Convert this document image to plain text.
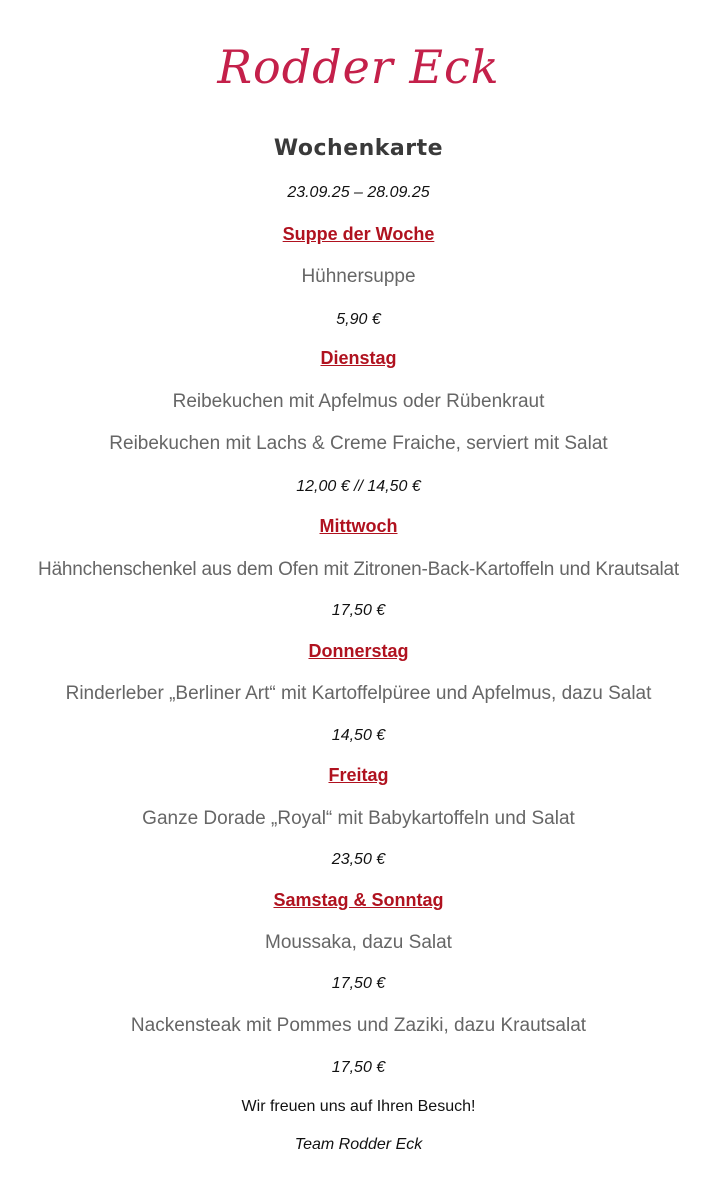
Rodder Eck
Wochenkarte
23.09.25 – 28.09.25
Suppe der Woche
Hühnersuppe
5,90 €
Dienstag
Reibekuchen mit Apfelmus oder Rübenkraut
Reibekuchen mit Lachs & Creme Fraiche, serviert mit Salat
12,00 € // 14,50 €
Mittwoch
Hähnchenschenkel aus dem Ofen mit Zitronen-Back-Kartoffeln und Krautsalat
17,50 €
Donnerstag
Rinderleber „Berliner Art“ mit Kartoffelpüree und Apfelmus, dazu Salat
14,50 €
Freitag
Ganze Dorade „Royal“ mit Babykartoffeln und Salat
23,50 €
Samstag & Sonntag
Moussaka, dazu Salat
17,50 €
Nackensteak mit Pommes und Zaziki, dazu Krautsalat
17,50 €
Wir freuen uns auf Ihren Besuch!
Team Rodder Eck
